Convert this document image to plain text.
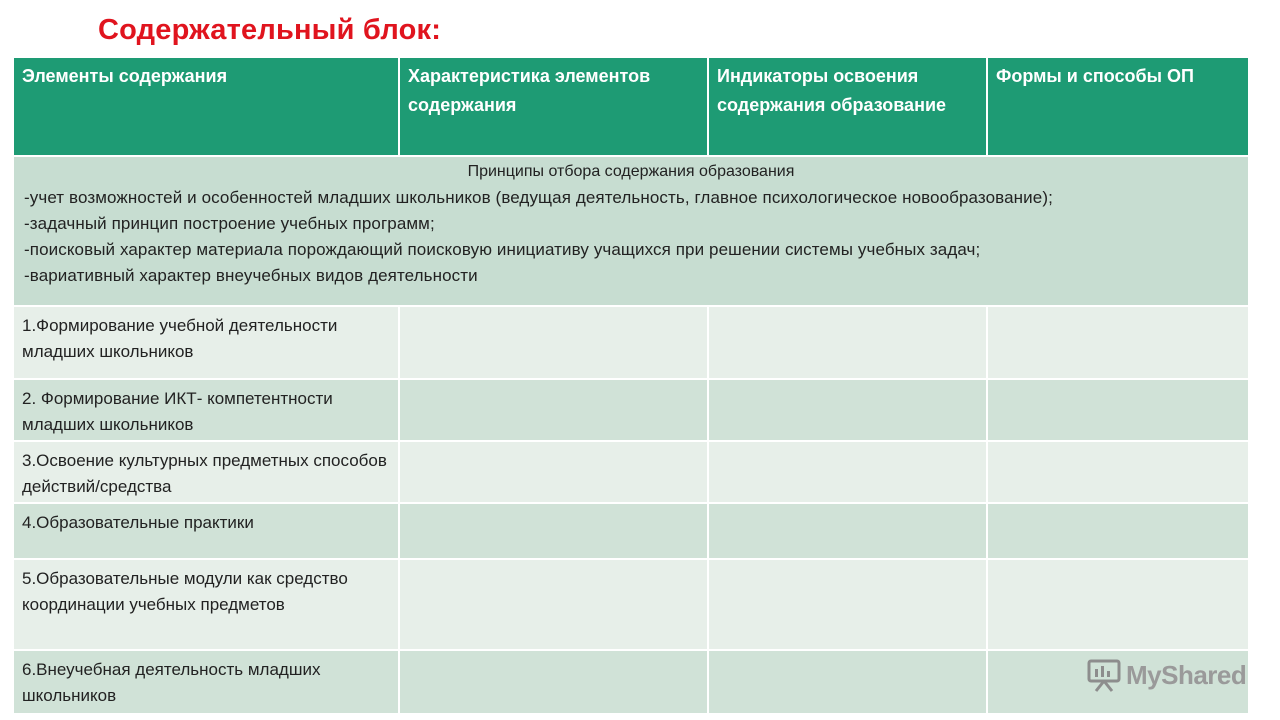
Содержательный блок:
Элементы содержания	Характеристика элементов содержания	Индикаторы освоения содержания образование	Формы и способы ОП

Принципы отбора содержания образования
-учет возможностей и особенностей младших школьников (ведущая деятельность, главное психологическое новообразование);
-задачный принцип построение учебных программ;
-поисковый характер материала порождающий поисковую инициативу учащихся при решении системы учебных задач;
-вариативный характер внеучебных видов деятельности			

1.Формирование учебной деятельности младших школьников			
2. Формирование ИКТ- компетентности младших школьников			
3.Освоение культурных предметных способов действий/средства			
4.Образовательные практики			
5.Образовательные модули как средство координации учебных предметов			
6.Внеучебная деятельность младших школьников			
MyShared
